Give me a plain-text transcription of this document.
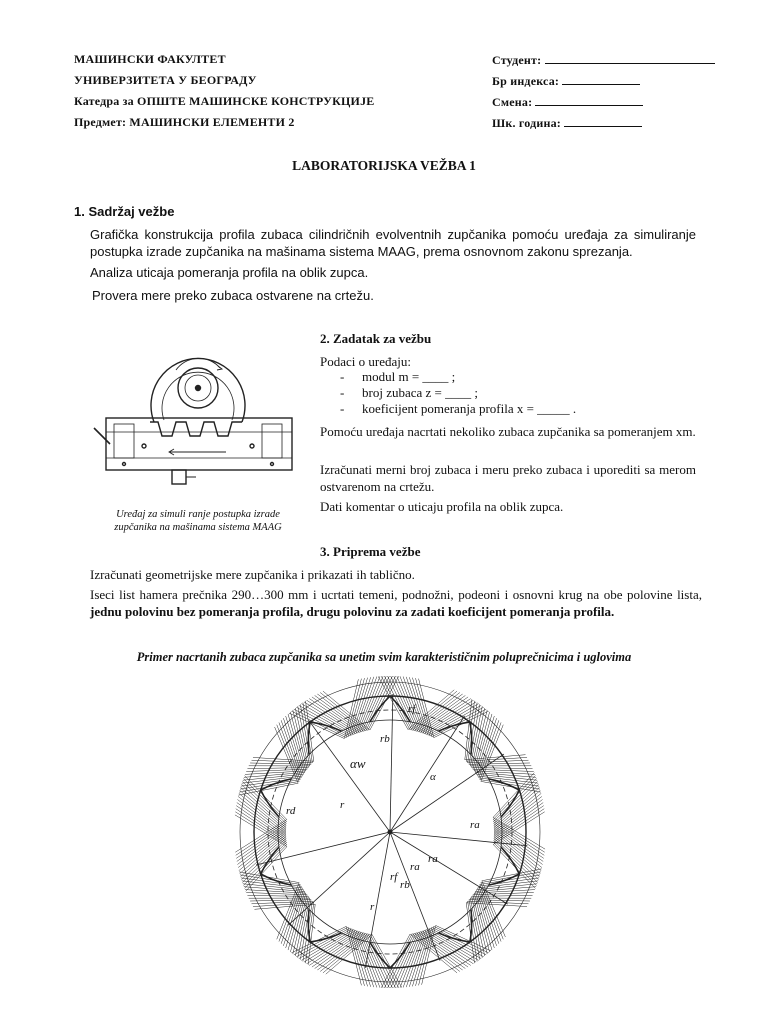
МАШИНСКИ ФАКУЛТЕТ
УНИВЕРЗИТЕТА У БЕОГРАДУ
Катедра за ОПШТЕ МАШИНСКЕ КОНСТРУКЦИЈЕ
Предмет: МАШИНСКИ ЕЛЕМЕНТИ 2
Студент:
Бр индекса:
Смена:
Шк. година:
LABORATORIJSKA VEŽBA 1
1. Sadržaj vežbe
Grafička konstrukcija profila zubaca cilindričnih evolventnih zupčanika pomoću uređaja za simuliranje postupka izrade zupčanika na mašinama sistema MAAG, prema osnovnom zakonu sprezanja.
Analiza uticaja pomeranja profila na oblik zupca.
Provera mere preko zubaca ostvarene na crtežu.
Uređaj za simuli ranje postupka izrade
zupčanika na mašinama sistema MAAG
2. Zadatak za vežbu
Podaci o uređaju:
- modul m = ____ ;
- broj zubaca z = ____ ;
- koeficijent pomeranja profila x = _____ .
Pomoću uređaja nacrtati nekoliko zubaca zupčanika sa pomeranjem xm.
Izračunati merni broj zubaca i meru preko zubaca i uporediti sa merom ostvarenom na crtežu.
Dati komentar o uticaju profila na oblik zupca.
3. Priprema vežbe
Izračunati geometrijske mere zupčanika i prikazati ih tablično.
Iseci list hamera prečnika 290…300 mm i ucrtati temeni, podnožni, podeoni i osnovni krug na obe polovine lista, jednu polovinu bez pomeranja profila, drugu polovinu za zadati koeficijent pomeranja profila.
Primer nacrtanih zubaca zupčanika sa unetim svim karakterističnim poluprečnicima i uglovima
rf
ra
rd	r
rb
αw
α
rf
ra
rb
r
ra
